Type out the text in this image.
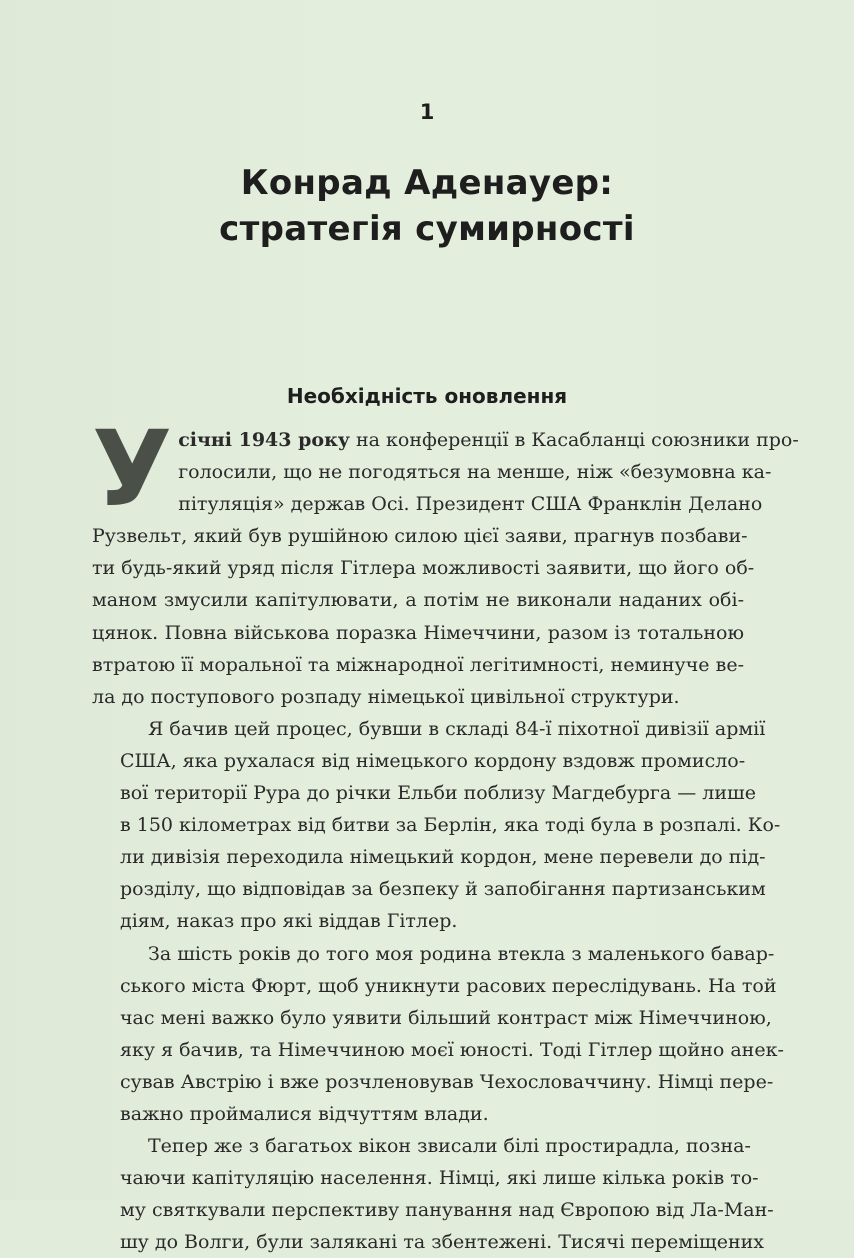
1
Конрад Аденауер:
стратегія сумирності
Необхідність оновлення

У січні 1943 року на конференції в Касабланці союзники про-
голосили, що не погодяться на менше, ніж «безумовна ка-
пітуляція» держав Осі. Президент США Франклін Делано
Рузвельт, який був рушійною силою цієї заяви, прагнув позбави-
ти будь-який уряд після Гітлера можливості заявити, що його об-
маном змусили капітулювати, а потім не виконали наданих обі-
цянок. Повна військова поразка Німеччини, разом із тотальною
втратою її моральної та міжнародної легітимності, неминуче ве-
ла до поступового розпаду німецької цивільної структури.

Я бачив цей процес, бувши в складі 84-ї піхотної дивізії армії
США, яка рухалася від німецького кордону вздовж промисло-
вої території Рура до річки Ельби поблизу Магдебурга — лише
в 150 кілометрах від битви за Берлін, яка тоді була в розпалі. Ко-
ли дивізія переходила німецький кордон, мене перевели до під-
розділу, що відповідав за безпеку й запобігання партизанським
діям, наказ про які віддав Гітлер.

За шість років до того моя родина втекла з маленького бавар-
ського міста Фюрт, щоб уникнути расових переслідувань. На той
час мені важко було уявити більший контраст між Німеччиною,
яку я бачив, та Німеччиною моєї юності. Тоді Гітлер щойно анек-
сував Австрію і вже розчленовував Чехословаччину. Німці пере-
важно проймалися відчуттям влади.

Тепер же з багатьох вікон звисали білі простирадла, позна-
чаючи капітуляцію населення. Німці, які лише кілька років то-
му святкували перспективу панування над Європою від Ла-Ман-
шу до Волги, були залякані та збентежені. Тисячі переміщених
